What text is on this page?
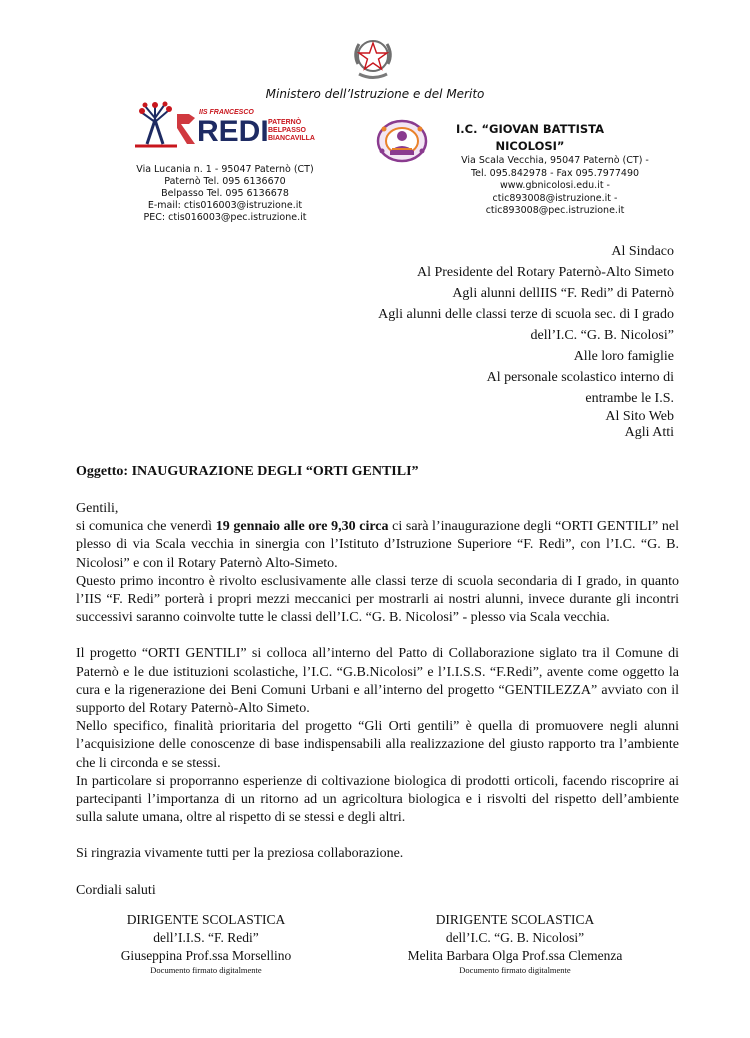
Ministero dell’Istruzione e del Merito
IIS FRANCESCO
REDI PATERNÒ
BELPASSO
BIANCAVILLA
Via Lucania n. 1 - 95047 Paternò (CT)
Paternò Tel. 095 6136670
Belpasso Tel. 095 6136678
E-mail: ctis016003@istruzione.it
PEC: ctis016003@pec.istruzione.it
I.C. “GIOVAN BATTISTA
NICOLOSI”
Via Scala Vecchia, 95047 Paternò (CT) -
Tel. 095.842978 - Fax 095.7977490
www.gbnicolosi.edu.it -
ctic893008@istruzione.it -
ctic893008@pec.istruzione.it
Al Sindaco
Al Presidente del Rotary Paternò-Alto Simeto
Agli alunni dellIIS “F. Redi” di Paternò
Agli alunni delle classi terze di scuola sec. di I grado
dell’I.C. “G. B. Nicolosi”
Alle loro famiglie
Al personale scolastico interno di
entrambe le I.S.
Al Sito Web
Agli Atti
Oggetto: INAUGURAZIONE DEGLI “ORTI GENTILI”

Gentili,

si comunica che venerdì 19 gennaio alle ore 9,30 circa ci sarà l’inaugurazione degli “ORTI GENTILI” nel plesso di via Scala vecchia in sinergia con l’Istituto d’Istruzione Superiore “F. Redi”, con l’I.C. “G. B. Nicolosi” e con il Rotary Paternò Alto-Simeto.

Questo primo incontro è rivolto esclusivamente alle classi terze di scuola secondaria di I grado, in quanto l’IIS “F. Redi” porterà i propri mezzi meccanici per mostrarli ai nostri alunni, invece durante gli incontri successivi saranno coinvolte tutte le classi dell’I.C. “G. B. Nicolosi” - plesso via Scala vecchia.

Il progetto “ORTI GENTILI” si colloca all’interno del Patto di Collaborazione siglato tra il Comune di Paternò e le due istituzioni scolastiche, l’I.C. “G.B.Nicolosi” e l’I.I.S.S. “F.Redi”, avente come oggetto la cura e la rigenerazione dei Beni Comuni Urbani e all’interno del progetto “GENTILEZZA” avviato con il supporto del Rotary Paternò-Alto Simeto.

Nello specifico, finalità prioritaria del progetto “Gli Orti gentili” è quella di promuovere negli alunni l’acquisizione delle conoscenze di base indispensabili alla realizzazione del giusto rapporto tra l’ambiente che li circonda e se stessi.

In particolare si proporranno esperienze di coltivazione biologica di prodotti orticoli, facendo riscoprire ai partecipanti l’importanza di un ritorno ad un agricoltura biologica e i risvolti del rispetto dell’ambiente sulla salute umana, oltre al rispetto di se stessi e degli altri.

Si ringrazia vivamente tutti per la preziosa collaborazione.

Cordiali saluti

DIRIGENTE SCOLASTICA
dell’I.I.S. “F. Redi”
Giuseppina Prof.ssa Morsellino
Documento firmato digitalmente
DIRIGENTE SCOLASTICA
dell’I.C. “G. B. Nicolosi”
Melita Barbara Olga Prof.ssa Clemenza
Documento firmato digitalmente
